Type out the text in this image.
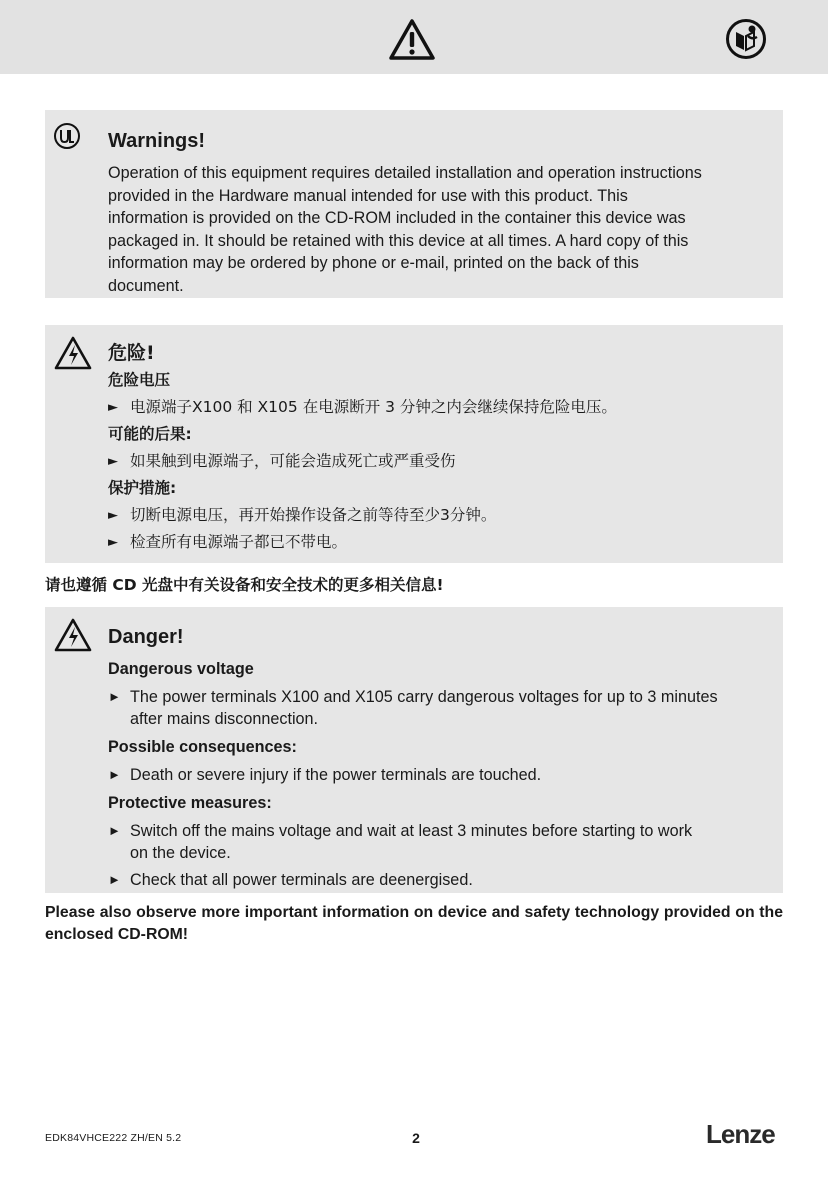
Warnings!

Operation of this equipment requires detailed installation and operation instructions

provided in the Hardware manual intended for use with this product. This

information is provided on the CD-ROM included in the container this device was

packaged in. It should be retained with this device at all times. A hard copy of this

information may be ordered by phone or e-mail, printed on the back of this

document.

危险!

危险电压

► 电源端子X100 和 X105 在电源断开 3 分钟之内会继续保持危险电压。

可能的后果:

► 如果触到电源端子，可能会造成死亡或严重受伤

保护措施:

► 切断电源电压，再开始操作设备之前等待至少3分钟。
► 检查所有电源端子都已不带电。

请也遵循 CD 光盘中有关设备和安全技术的更多相关信息!

Danger!

Dangerous voltage

► The power terminals X100 and X105 carry dangerous voltages for up to 3 minutes
after mains disconnection.

Possible consequences:

► Death or severe injury if the power terminals are touched.

Protective measures:

► Switch off the mains voltage and wait at least 3 minutes before starting to work
on the device.
► Check that all power terminals are deenergised.

Please also observe more important information on device and safety technology provided on the enclosed CD-ROM!

EDK84VHCE222 ZH/EN 5.2	2	Lenze
